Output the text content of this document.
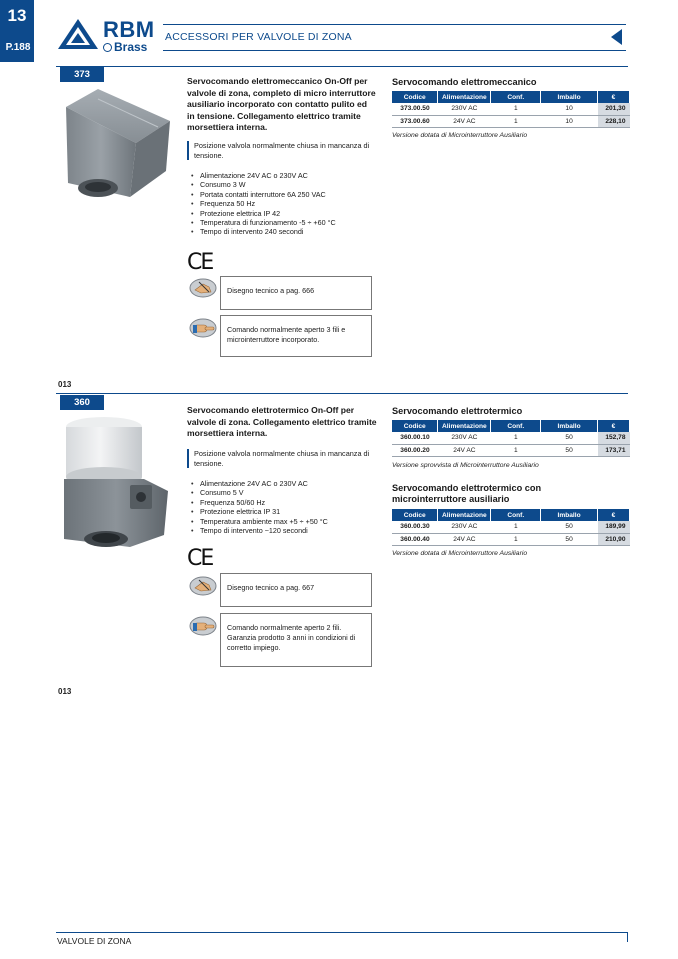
13
P.188
RBM
Brass
ACCESSORI PER VALVOLE DI ZONA
373
Servocomando elettromeccanico On-Off per valvole di zona, completo di micro interruttore ausiliario incorporato con contatto pulito ed in tensione. Collegamento elettrico tramite morsettiera interna.
Posizione valvola normalmente chiusa in mancanza di tensione.
• Alimentazione 24V AC o 230V AC
• Consumo 3 W
• Portata contatti interruttore 6A 250 VAC
• Frequenza 50 Hz
• Protezione elettrica IP 42
• Temperatura di funzionamento -5 ÷ +60 °C
• Tempo di intervento 240 secondi
CE
Disegno tecnico a pag. 666
Comando normalmente aperto 3 fili e microinterruttore incorporato.
Servocomando elettromeccanico
Codice	Alimentazione	Conf.	Imballo	€
373.00.50	230V AC	1	10	201,30
373.00.60	24V AC	1	10	228,10
Versione dotata di Microinterruttore Ausiliario
013
360
Servocomando elettrotermico On-Off per valvole di zona. Collegamento elettrico tramite morsettiera interna.
Posizione valvola normalmente chiusa in mancanza di tensione.
• Alimentazione 24V AC o 230V AC
• Consumo 5 V
• Frequenza 50/60 Hz
• Protezione elettrica IP 31
• Temperatura ambiente max +5 ÷ +50 °C
• Tempo di intervento ~120 secondi
CE
Disegno tecnico a pag. 667
Comando normalmente aperto 2 fili. Garanzia prodotto 3 anni in condizioni di corretto impiego.
Servocomando elettrotermico
Codice	Alimentazione	Conf.	Imballo	€
360.00.10	230V AC	1	50	152,78
360.00.20	24V AC	1	50	173,71
Versione sprovvista di Microinterruttore Ausiliario
Servocomando elettrotermico con microinterruttore ausiliario
Codice	Alimentazione	Conf.	Imballo	€
360.00.30	230V AC	1	50	189,99
360.00.40	24V AC	1	50	210,90
Versione dotata di Microinterruttore Ausiliario
013
VALVOLE DI ZONA
